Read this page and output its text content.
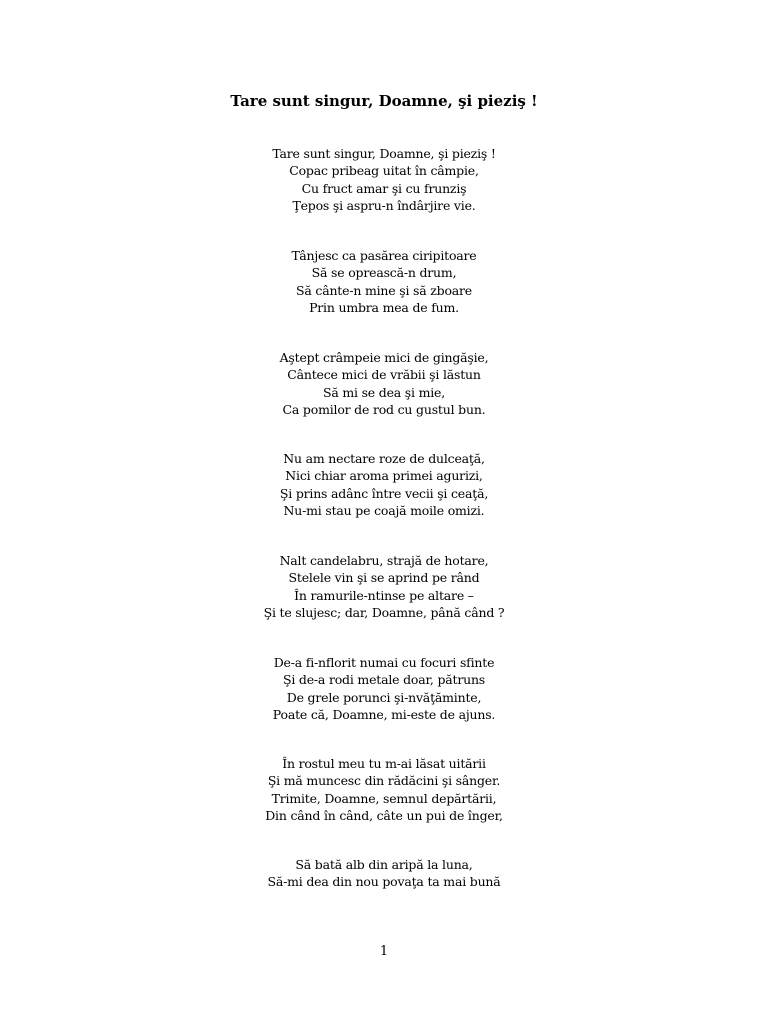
Tare sunt singur, Doamne, şi pieziş !
Tare sunt singur, Doamne, şi pieziş !
Copac pribeag uitat în câmpie,
Cu fruct amar şi cu frunziş
Ţepos şi aspru-n îndârjire vie.
Tânjesc ca pasărea ciripitoare
Să se oprească-n drum,
Să cânte-n mine şi să zboare
Prin umbra mea de fum.
Aştept crâmpeie mici de gingăşie,
Cântece mici de vrăbii şi lăstun
Să mi se dea şi mie,
Ca pomilor de rod cu gustul bun.
Nu am nectare roze de dulceaţă,
Nici chiar aroma primei agurizi,
Şi prins adânc între vecii şi ceaţă,
Nu-mi stau pe coajă moile omizi.
Nalt candelabru, strajă de hotare,
Stelele vin şi se aprind pe rând
În ramurile-ntinse pe altare –
Şi te slujesc; dar, Doamne, până când ?
De-a fi-nflorit numai cu focuri sfinte
Şi de-a rodi metale doar, pătruns
De grele porunci şi-nvăţăminte,
Poate că, Doamne, mi-este de ajuns.
În rostul meu tu m-ai lăsat uitării
Şi mă muncesc din rădăcini şi sânger.
Trimite, Doamne, semnul depărtării,
Din când în când, câte un pui de înger,
Să bată alb din aripă la luna,
Să-mi dea din nou povaţa ta mai bună
1
